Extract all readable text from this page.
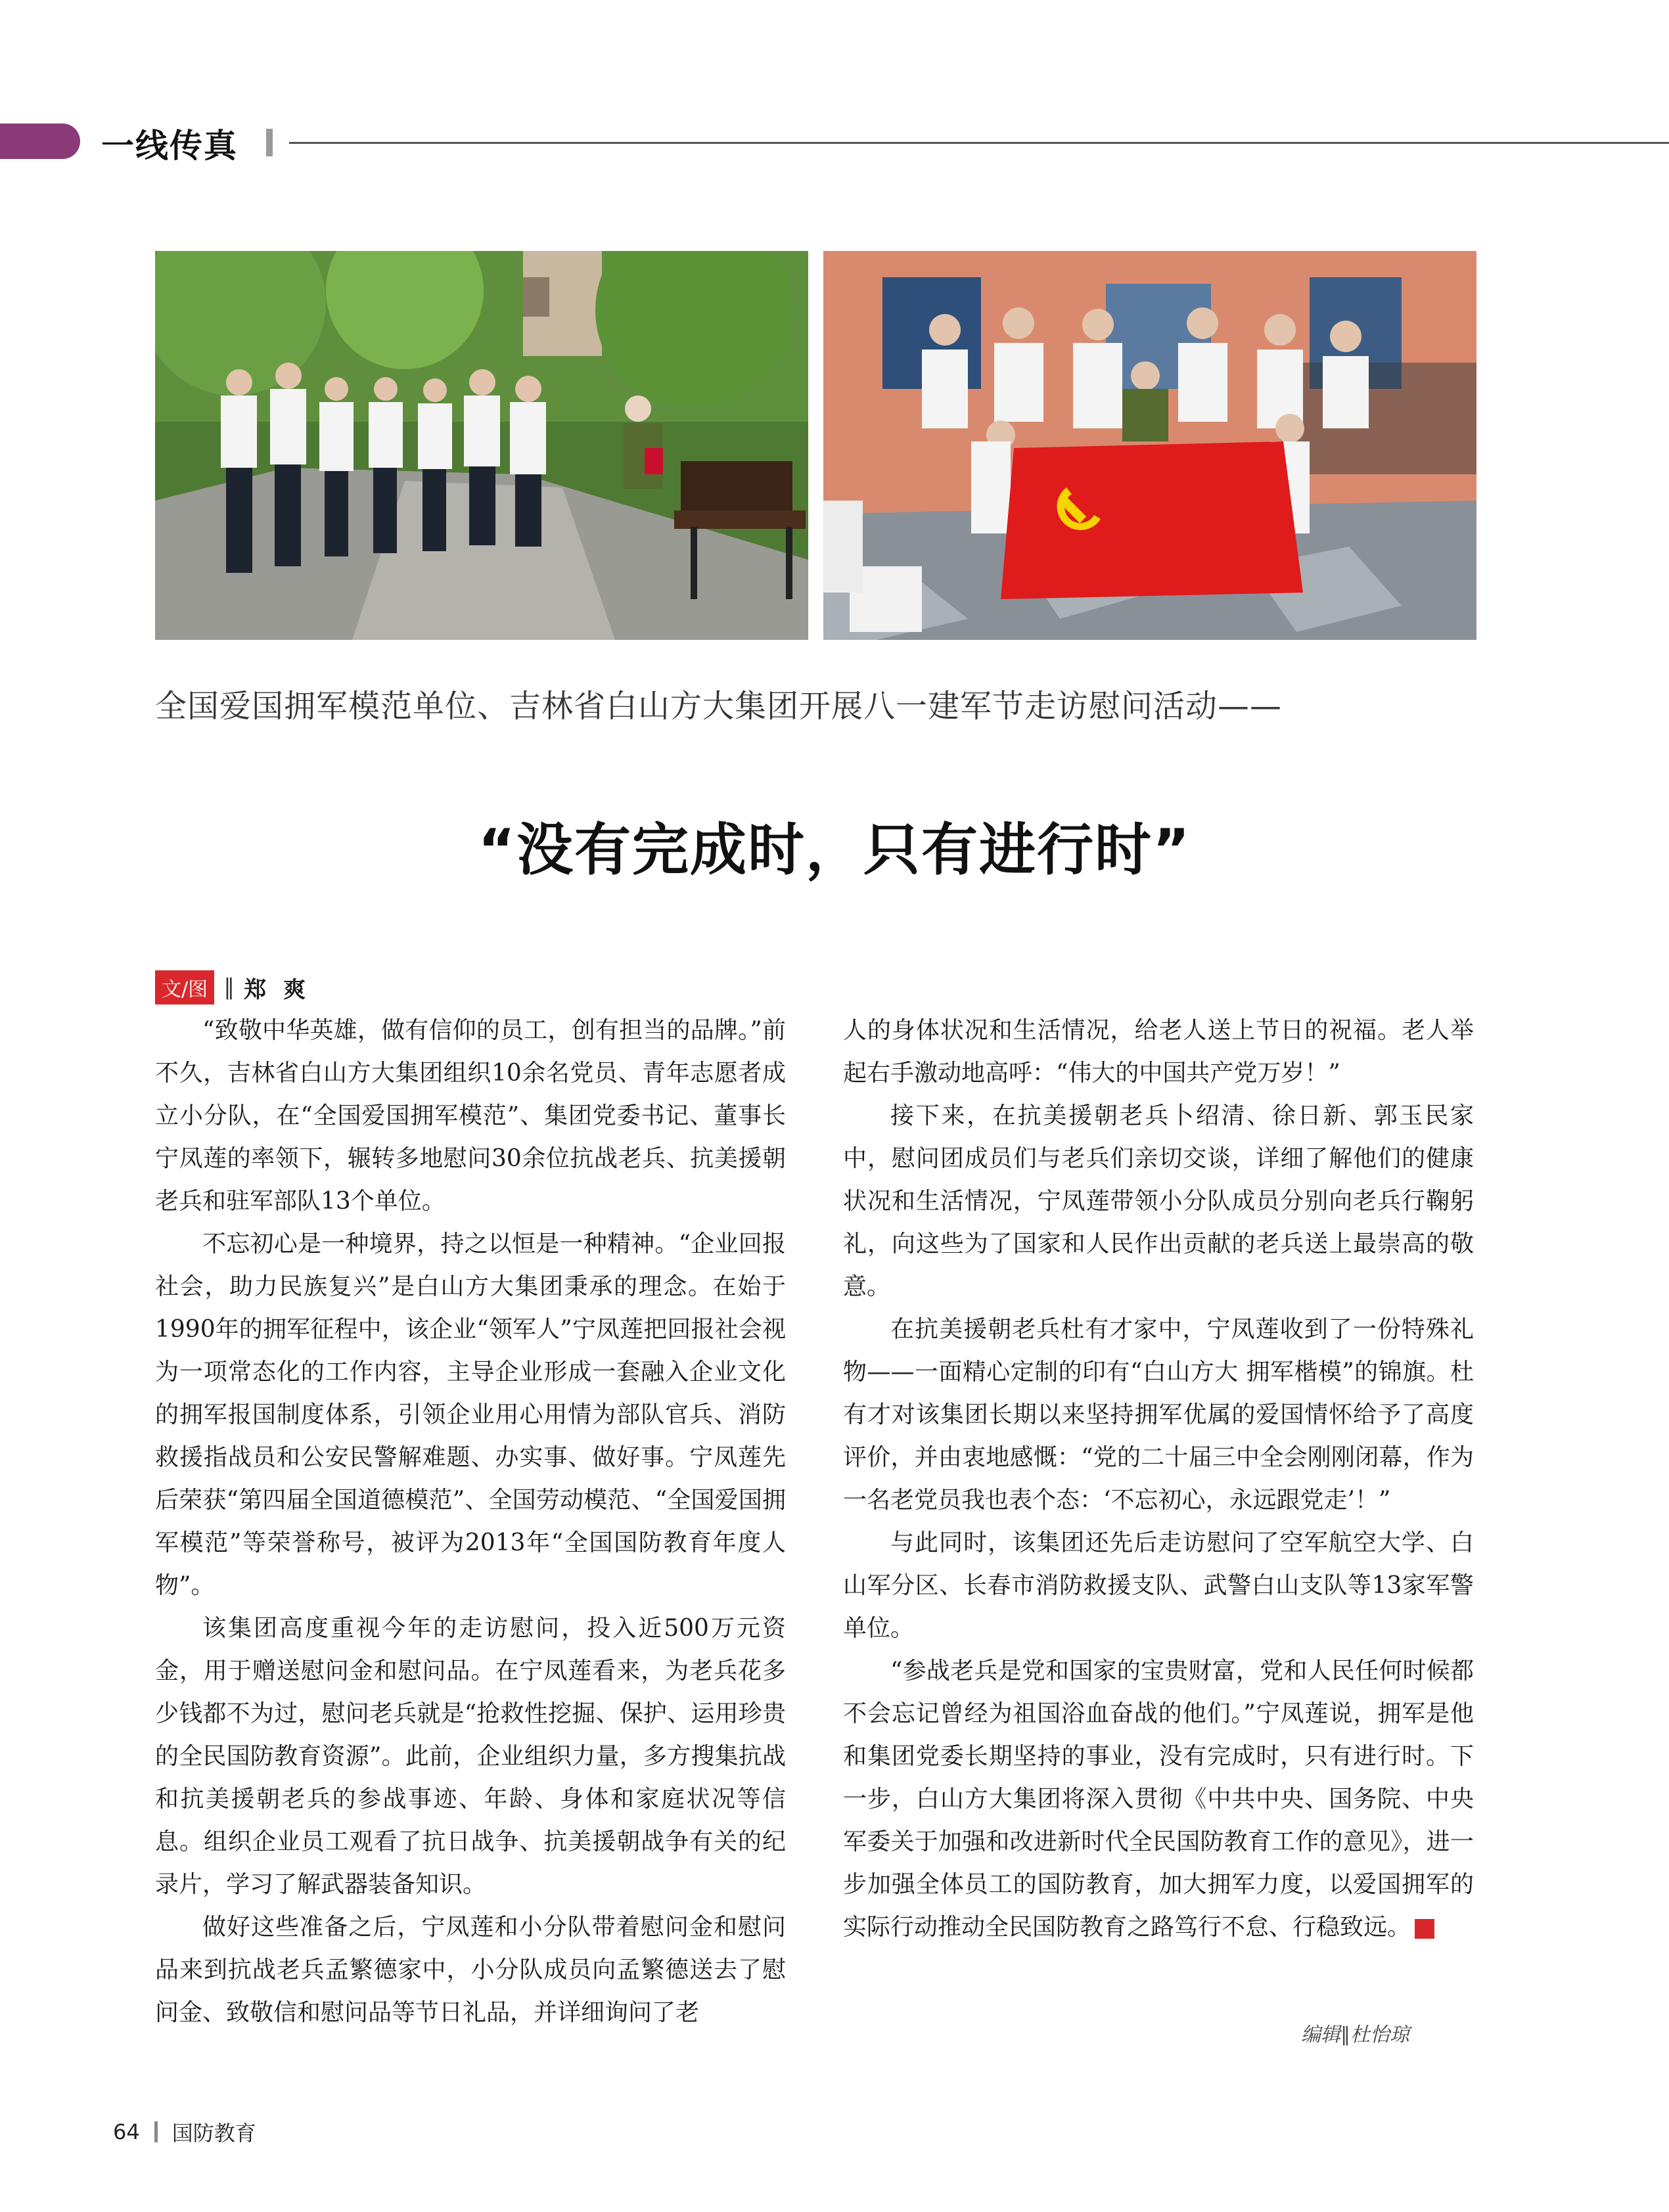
一线传真
全国爱国拥军模范单位、吉林省白山方大集团开展八一建军节走访慰问活动——
“没有完成时，只有进行时”
文/图 ∥ 郑爽

“致敬中华英雄，做有信仰的员工，创有担当的品牌。”前不久，吉林省白山方大集团组织10余名党员、青年志愿者成立小分队，在“全国爱国拥军模范”、集团党委书记、董事长宁凤莲的率领下，辗转多地慰问30余位抗战老兵、抗美援朝老兵和驻军部队13个单位。

不忘初心是一种境界，持之以恒是一种精神。“企业回报社会，助力民族复兴”是白山方大集团秉承的理念。在始于1990年的拥军征程中，该企业“领军人”宁凤莲把回报社会视为一项常态化的工作内容，主导企业形成一套融入企业文化的拥军报国制度体系，引领企业用心用情为部队官兵、消防救援指战员和公安民警解难题、办实事、做好事。宁凤莲先后荣获“第四届全国道德模范”、全国劳动模范、“全国爱国拥军模范”等荣誉称号，被评为2013年“全国国防教育年度人物”。

该集团高度重视今年的走访慰问，投入近500万元资金，用于赠送慰问金和慰问品。在宁凤莲看来，为老兵花多少钱都不为过，慰问老兵就是“抢救性挖掘、保护、运用珍贵的全民国防教育资源”。此前，企业组织力量，多方搜集抗战和抗美援朝老兵的参战事迹、年龄、身体和家庭状况等信息。组织企业员工观看了抗日战争、抗美援朝战争有关的纪录片，学习了解武器装备知识。

做好这些准备之后，宁凤莲和小分队带着慰问金和慰问品来到抗战老兵孟繁德家中，小分队成员向孟繁德送去了慰问金、致敬信和慰问品等节日礼品，并详细询问了老

人的身体状况和生活情况，给老人送上节日的祝福。老人举起右手激动地高呼：“伟大的中国共产党万岁！”

接下来，在抗美援朝老兵卜绍清、徐日新、郭玉民家中，慰问团成员们与老兵们亲切交谈，详细了解他们的健康状况和生活情况，宁凤莲带领小分队成员分别向老兵行鞠躬礼，向这些为了国家和人民作出贡献的老兵送上最崇高的敬意。

在抗美援朝老兵杜有才家中，宁凤莲收到了一份特殊礼物——一面精心定制的印有“白山方大 拥军楷模”的锦旗。杜有才对该集团长期以来坚持拥军优属的爱国情怀给予了高度评价，并由衷地感慨：“党的二十届三中全会刚刚闭幕，作为一名老党员我也表个态：‘不忘初心，永远跟党走’！”

与此同时，该集团还先后走访慰问了空军航空大学、白山军分区、长春市消防救援支队、武警白山支队等13家军警单位。

“参战老兵是党和国家的宝贵财富，党和人民任何时候都不会忘记曾经为祖国浴血奋战的他们。”宁凤莲说，拥军是他和集团党委长期坚持的事业，没有完成时，只有进行时。下一步，白山方大集团将深入贯彻《中共中央、国务院、中央军委关于加强和改进新时代全民国防教育工作的意见》，进一步加强全体员工的国防教育，加大拥军力度，以爱国拥军的实际行动推动全民国防教育之路笃行不怠、行稳致远。	G

编辑∥杜怡琼
64 国防教育
